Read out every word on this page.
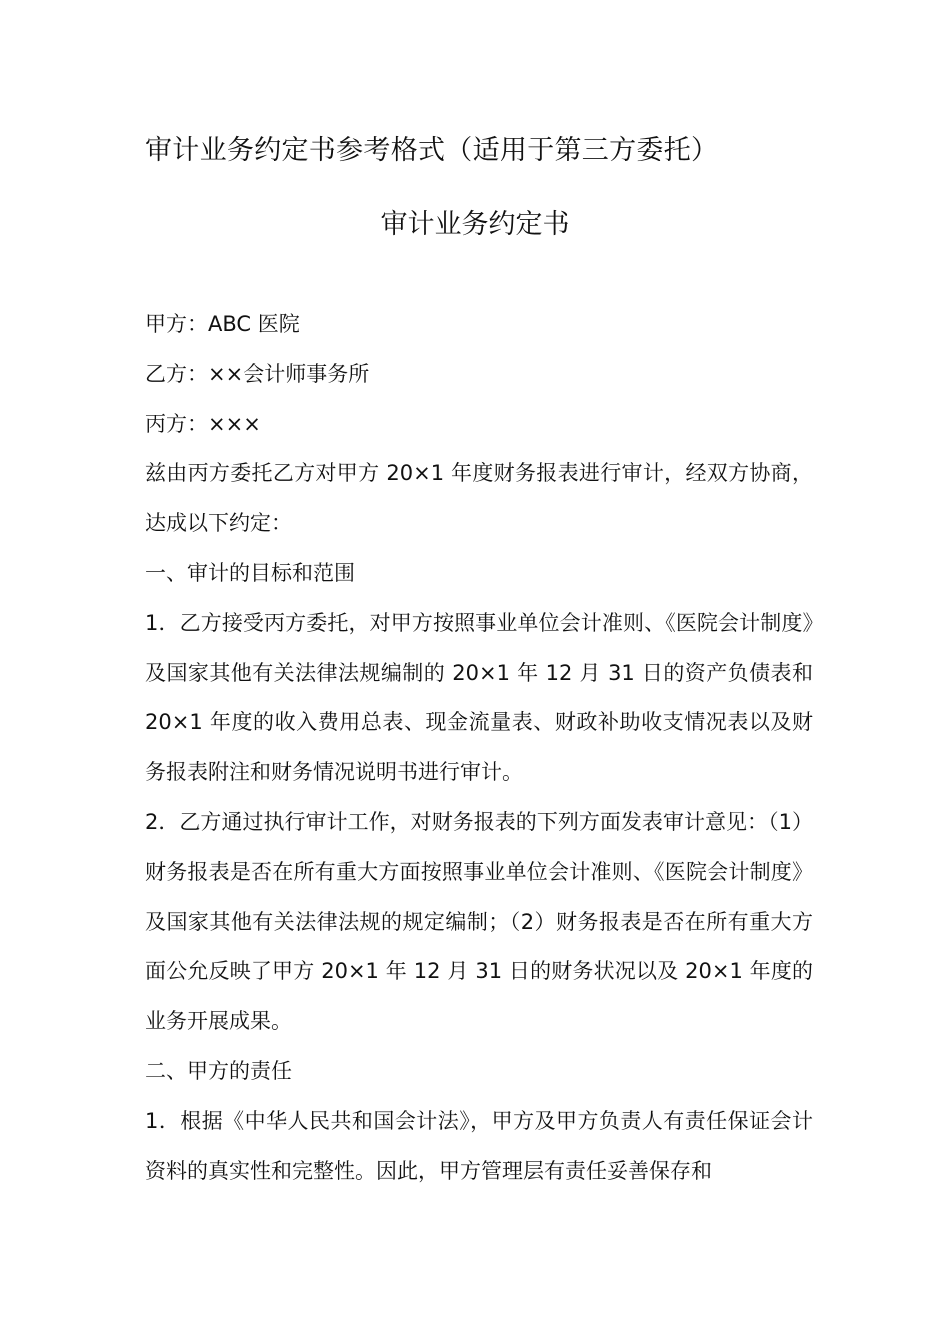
审计业务约定书参考格式（适用于第三方委托）
审计业务约定书

甲方：ABC 医院

乙方：××会计师事务所

丙方：×××

兹由丙方委托乙方对甲方 20×1 年度财务报表进行审计，经双方协商，达成以下约定：

一、审计的目标和范围

1．乙方接受丙方委托，对甲方按照事业单位会计准则、《医院会计制度》及国家其他有关法律法规编制的 20×1 年 12 月 31 日的资产负债表和 20×1 年度的收入费用总表、现金流量表、财政补助收支情况表以及财务报表附注和财务情况说明书进行审计。

2．乙方通过执行审计工作，对财务报表的下列方面发表审计意见：（1）财务报表是否在所有重大方面按照事业单位会计准则、《医院会计制度》及国家其他有关法律法规的规定编制；（2）财务报表是否在所有重大方面公允反映了甲方 20×1 年 12 月 31 日的财务状况以及 20×1 年度的业务开展成果。

二、甲方的责任

1．根据《中华人民共和国会计法》，甲方及甲方负责人有责任保证会计资料的真实性和完整性。因此，甲方管理层有责任妥善保存和
